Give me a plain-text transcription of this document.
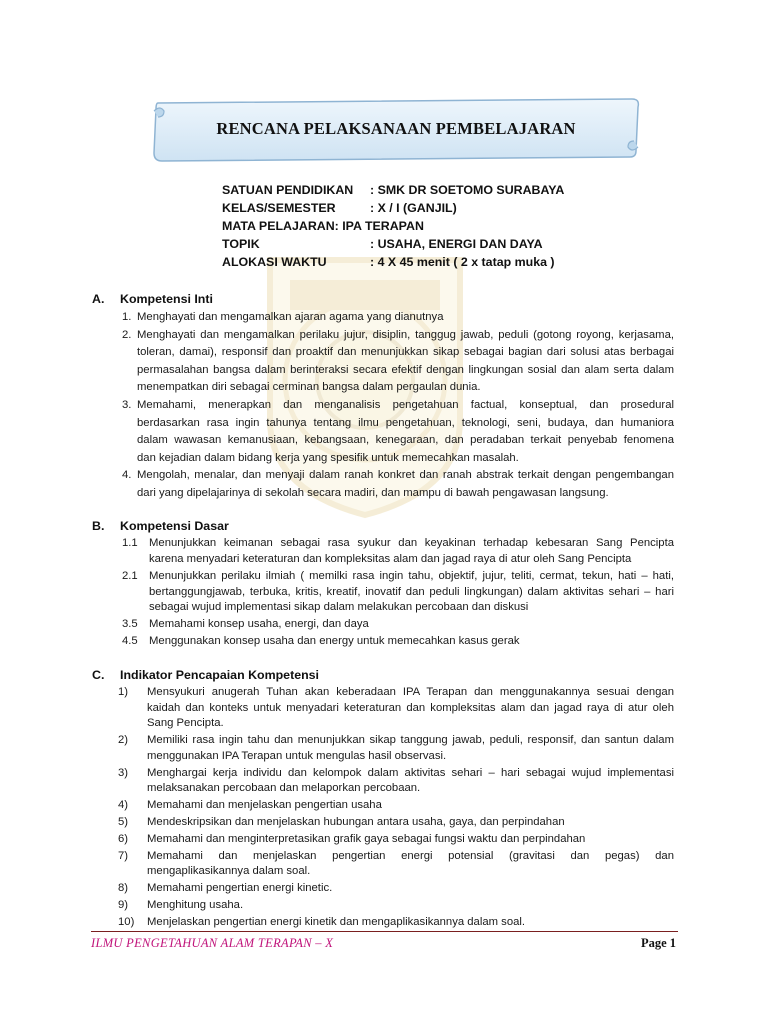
RENCANA PELAKSANAAN PEMBELAJARAN
SATUAN PENDIDIKAN : SMK DR SOETOMO SURABAYA
KELAS/SEMESTER	: X / I (GANJIL)
MATA PELAJARAN: IPA TERAPAN
TOPIK	: USAHA, ENERGI DAN DAYA
ALOKASI WAKTU	: 4 X 45 menit ( 2 x tatap muka )
A. Kompetensi Inti
1. Menghayati dan mengamalkan ajaran agama yang dianutnya
2. Menghayati dan mengamalkan perilaku jujur, disiplin, tanggug jawab, peduli (gotong royong, kerjasama,
toleran, damai), responsif dan proaktif dan menunjukkan sikap sebagai bagian dari solusi atas berbagai
permasalahan bangsa dalam berinteraksi secara efektif dengan lingkungan sosial dan alam serta dalam
menempatkan diri sebagai cerminan bangsa dalam pergaulan dunia.
3. Memahami, menerapkan dan menganalisis pengetahuan factual, konseptual, dan prosedural
berdasarkan rasa ingin tahunya tentang ilmu pengetahuan, teknologi, seni, budaya, dan humaniora
dalam wawasan kemanusiaan, kebangsaan, kenegaraan, dan peradaban terkait penyebab fenomena
dan kejadian dalam bidang kerja yang spesifik untuk memecahkan masalah.
4. Mengolah, menalar, dan menyaji dalam ranah konkret dan ranah abstrak terkait dengan pengembangan
dari yang dipelajarinya di sekolah secara madiri, dan mampu di bawah pengawasan langsung.
B. Kompetensi Dasar
1.1 Menunjukkan keimanan sebagai rasa syukur dan keyakinan terhadap kebesaran Sang Pencipta
karena menyadari keteraturan dan kompleksitas alam dan jagad raya di atur oleh Sang Pencipta
2.1 Menunjukkan perilaku ilmiah ( memilki rasa ingin tahu, objektif, jujur, teliti, cermat, tekun, hati – hati,
bertanggungjawab, terbuka, kritis, kreatif, inovatif dan peduli lingkungan) dalam aktivitas sehari – hari
sebagai wujud implementasi sikap dalam melakukan percobaan dan diskusi
3.5 Memahami konsep usaha, energi, dan daya
4.5 Menggunakan konsep usaha dan energy untuk memecahkan kasus gerak
C. Indikator Pencapaian Kompetensi
1) Mensyukuri anugerah Tuhan akan keberadaan IPA Terapan dan menggunakannya sesuai dengan
kaidah dan konteks untuk menyadari keteraturan dan kompleksitas alam dan jagad raya di atur oleh
Sang Pencipta.
2) Memiliki rasa ingin tahu dan menunjukkan sikap tanggung jawab, peduli, responsif, dan santun dalam
menggunakan IPA Terapan untuk mengulas hasil observasi.
3) Menghargai kerja individu dan kelompok dalam aktivitas sehari – hari sebagai wujud implementasi
melaksanakan percobaan dan melaporkan percobaan.
4) Memahami dan menjelaskan pengertian usaha
5) Mendeskripsikan dan menjelaskan hubungan antara usaha, gaya, dan perpindahan
6) Memahami dan menginterpretasikan grafik gaya sebagai fungsi waktu dan perpindahan
7) Memahami dan menjelaskan pengertian energi potensial (gravitasi dan pegas) dan
mengaplikasikannya dalam soal.
8) Memahami pengertian energi kinetic.
9) Menghitung usaha.
10) Menjelaskan pengertian energi kinetik dan mengaplikasikannya dalam soal.
ILMU PENGETAHUAN ALAM TERAPAN – X	Page 1
